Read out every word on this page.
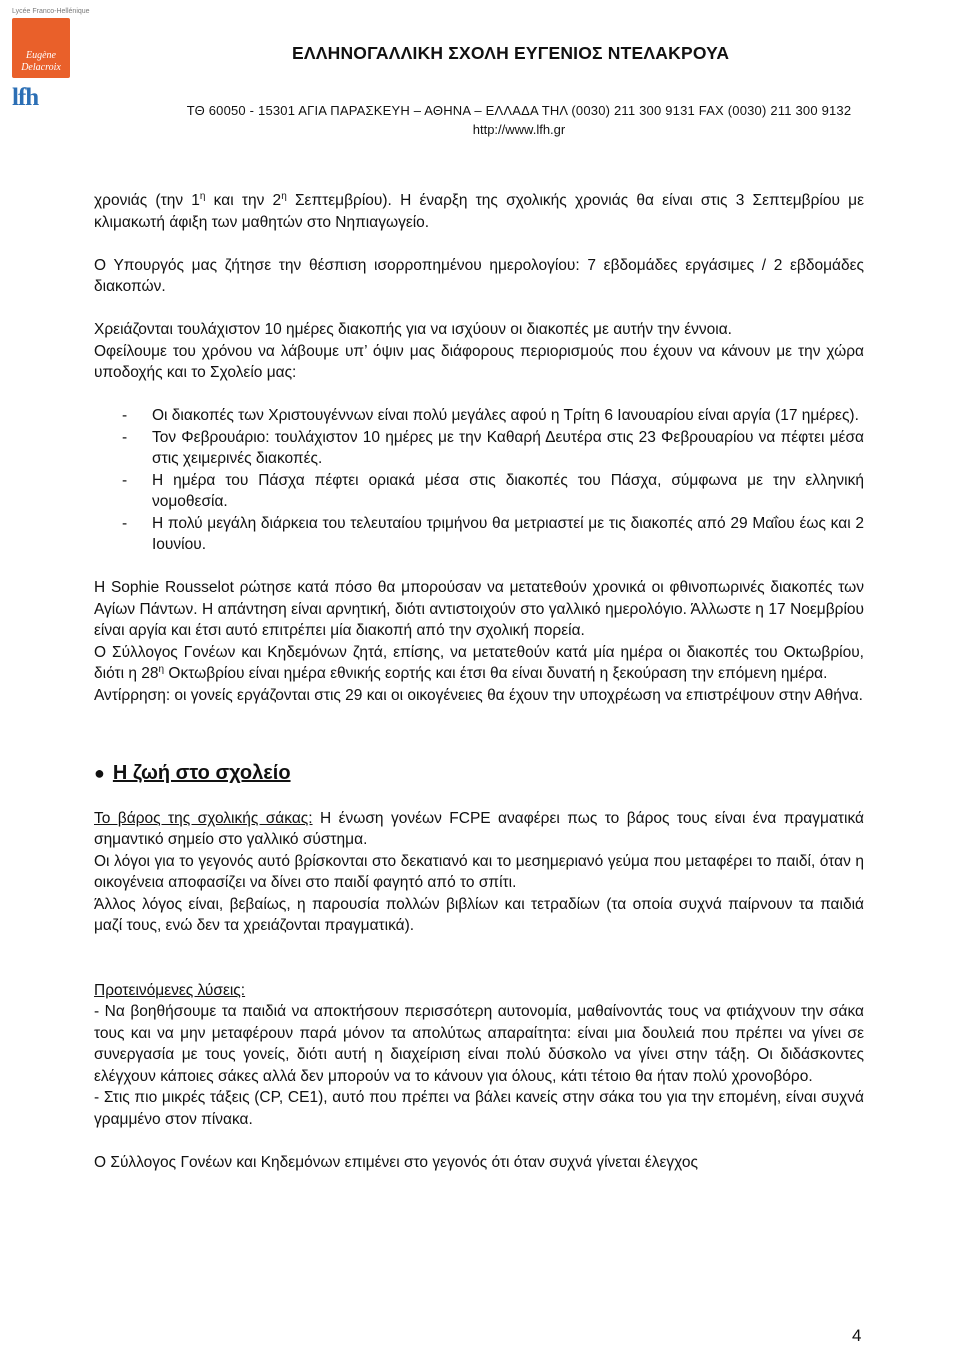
Lycée Franco-Hellénique
Eugène
Delacroix
lfh
ΕΛΛΗΝΟΓΑΛΛΙΚΗ ΣΧΟΛΗ ΕΥΓΕΝΙΟΣ ΝΤΕΛΑΚΡΟΥΑ
ΤΘ 60050 - 15301 ΑΓΙΑ ΠΑΡΑΣΚΕΥΗ – ΑΘΗΝΑ – ΕΛΛΑΔΑ ΤΗΛ (0030) 211 300 9131 FAX (0030) 211 300 9132
http://www.lfh.gr

χρονιάς (την $1^\eta$ και την $2^\eta$ Σεπτεμβρίου). Η έναρξη της σχολικής χρονιάς θα είναι στις 3 Σεπτεμβρίου με κλιμακωτή άφιξη των μαθητών στο Νηπιαγωγείο.

Ο Υπουργός μας ζήτησε την θέσπιση ισορροπημένου ημερολογίου: 7 εβδομάδες εργάσιμες / 2 εβδομάδες διακοπών.

Χρειάζονται τουλάχιστον 10 ημέρες διακοπής για να ισχύουν οι διακοπές με αυτήν την έννοια.

Οφείλουμε του χρόνου να λάβουμε υπ’ όψιν μας διάφορους περιορισμούς που έχουν να κάνουν με την χώρα υποδοχής και το Σχολείο μας:

- Οι διακοπές των Χριστουγέννων είναι πολύ μεγάλες αφού η Τρίτη 6 Ιανουαρίου είναι αργία (17 ημέρες).
- Τον Φεβρουάριο: τουλάχιστον 10 ημέρες με την Καθαρή Δευτέρα στις 23 Φεβρουαρίου να πέφτει μέσα στις χειμερινές διακοπές.
- Η ημέρα του Πάσχα πέφτει οριακά μέσα στις διακοπές του Πάσχα, σύμφωνα με την ελληνική νομοθεσία.
- Η πολύ μεγάλη διάρκεια του τελευταίου τριμήνου θα μετριαστεί με τις διακοπές από 29 Μαΐου έως και 2 Ιουνίου.

Η Sophie Rousselot ρώτησε κατά πόσο θα μπορούσαν να μετατεθούν χρονικά οι φθινοπωρινές διακοπές των Αγίων Πάντων. Η απάντηση είναι αρνητική, διότι αντιστοιχούν στο γαλλικό ημερολόγιο. Άλλωστε η 17 Νοεμβρίου είναι αργία και έτσι αυτό επιτρέπει μία διακοπή από την σχολική πορεία.

Ο Σύλλογος Γονέων και Κηδεμόνων ζητά, επίσης, να μετατεθούν κατά μία ημέρα οι διακοπές του Οκτωβρίου, διότι η $28^\eta$ Οκτωβρίου είναι ημέρα εθνικής εορτής και έτσι θα είναι δυνατή η ξεκούραση την επόμενη ημέρα.

Αντίρρηση: οι γονείς εργάζονται στις 29 και οι οικογένειες θα έχουν την υποχρέωση να επιστρέψουν στην Αθήνα.

● Η ζωή στο σχολείο

Το βάρος της σχολικής σάκας: Η ένωση γονέων FCPE αναφέρει πως το βάρος τους είναι ένα πραγματικά σημαντικό σημείο στο γαλλικό σύστημα.

Οι λόγοι για το γεγονός αυτό βρίσκονται στο δεκατιανό και το μεσημεριανό γεύμα που μεταφέρει το παιδί, όταν η οικογένεια αποφασίζει να δίνει στο παιδί φαγητό από το σπίτι.

Άλλος λόγος είναι, βεβαίως, η παρουσία πολλών βιβλίων και τετραδίων (τα οποία συχνά παίρνουν τα παιδιά μαζί τους, ενώ δεν τα χρειάζονται πραγματικά).

Προτεινόμενες λύσεις:

- Να βοηθήσουμε τα παιδιά να αποκτήσουν περισσότερη αυτονομία, μαθαίνοντάς τους να φτιάχνουν την σάκα τους και να μην μεταφέρουν παρά μόνον τα απολύτως απαραίτητα: είναι μια δουλειά που πρέπει να γίνει σε συνεργασία με τους γονείς, διότι αυτή η διαχείριση είναι πολύ δύσκολο να γίνει στην τάξη. Οι διδάσκοντες ελέγχουν κάποιες σάκες αλλά δεν μπορούν να το κάνουν για όλους, κάτι τέτοιο θα ήταν πολύ χρονοβόρο.

- Στις πιο μικρές τάξεις (CP, CE1), αυτό που πρέπει να βάλει κανείς στην σάκα του για την επομένη, είναι συχνά γραμμένο στον πίνακα.

Ο Σύλλογος Γονέων και Κηδεμόνων επιμένει στο γεγονός ότι όταν συχνά γίνεται έλεγχος

4
